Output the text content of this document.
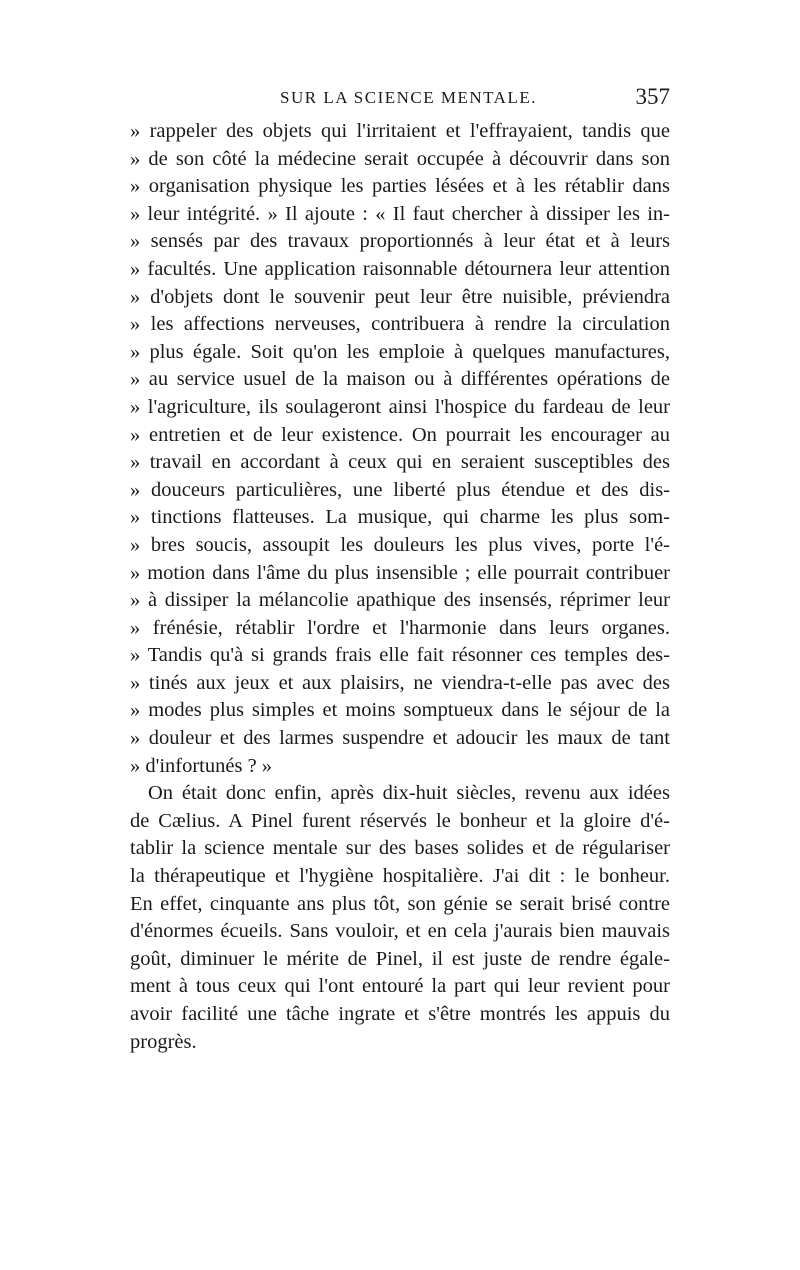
SUR LA SCIENCE MENTALE.	357
» rappeler des objets qui l'irritaient et l'effrayaient, tandis que
» de son côté la médecine serait occupée à découvrir dans son
» organisation physique les parties lésées et à les rétablir dans
» leur intégrité. » Il ajoute : « Il faut chercher à dissiper les in-
» sensés par des travaux proportionnés à leur état et à leurs
» facultés. Une application raisonnable détournera leur attention
» d'objets dont le souvenir peut leur être nuisible, préviendra
» les affections nerveuses, contribuera à rendre la circulation
» plus égale. Soit qu'on les emploie à quelques manufactures,
» au service usuel de la maison ou à différentes opérations de
» l'agriculture, ils soulageront ainsi l'hospice du fardeau de leur
» entretien et de leur existence. On pourrait les encourager au
» travail en accordant à ceux qui en seraient susceptibles des
» douceurs particulières, une liberté plus étendue et des dis-
» tinctions flatteuses. La musique, qui charme les plus som-
» bres soucis, assoupit les douleurs les plus vives, porte l'é-
» motion dans l'âme du plus insensible ; elle pourrait contribuer
» à dissiper la mélancolie apathique des insensés, réprimer leur
» frénésie, rétablir l'ordre et l'harmonie dans leurs organes.
» Tandis qu'à si grands frais elle fait résonner ces temples des-
» tinés aux jeux et aux plaisirs, ne viendra-t-elle pas avec des
» modes plus simples et moins somptueux dans le séjour de la
» douleur et des larmes suspendre et adoucir les maux de tant
» d'infortunés ? »
On était donc enfin, après dix-huit siècles, revenu aux idées
de Cælius. A Pinel furent réservés le bonheur et la gloire d'é-
tablir la science mentale sur des bases solides et de régulariser
la thérapeutique et l'hygiène hospitalière. J'ai dit : le bonheur.
En effet, cinquante ans plus tôt, son génie se serait brisé contre
d'énormes écueils. Sans vouloir, et en cela j'aurais bien mauvais
goût, diminuer le mérite de Pinel, il est juste de rendre égale-
ment à tous ceux qui l'ont entouré la part qui leur revient pour
avoir facilité une tâche ingrate et s'être montrés les appuis du
progrès.
